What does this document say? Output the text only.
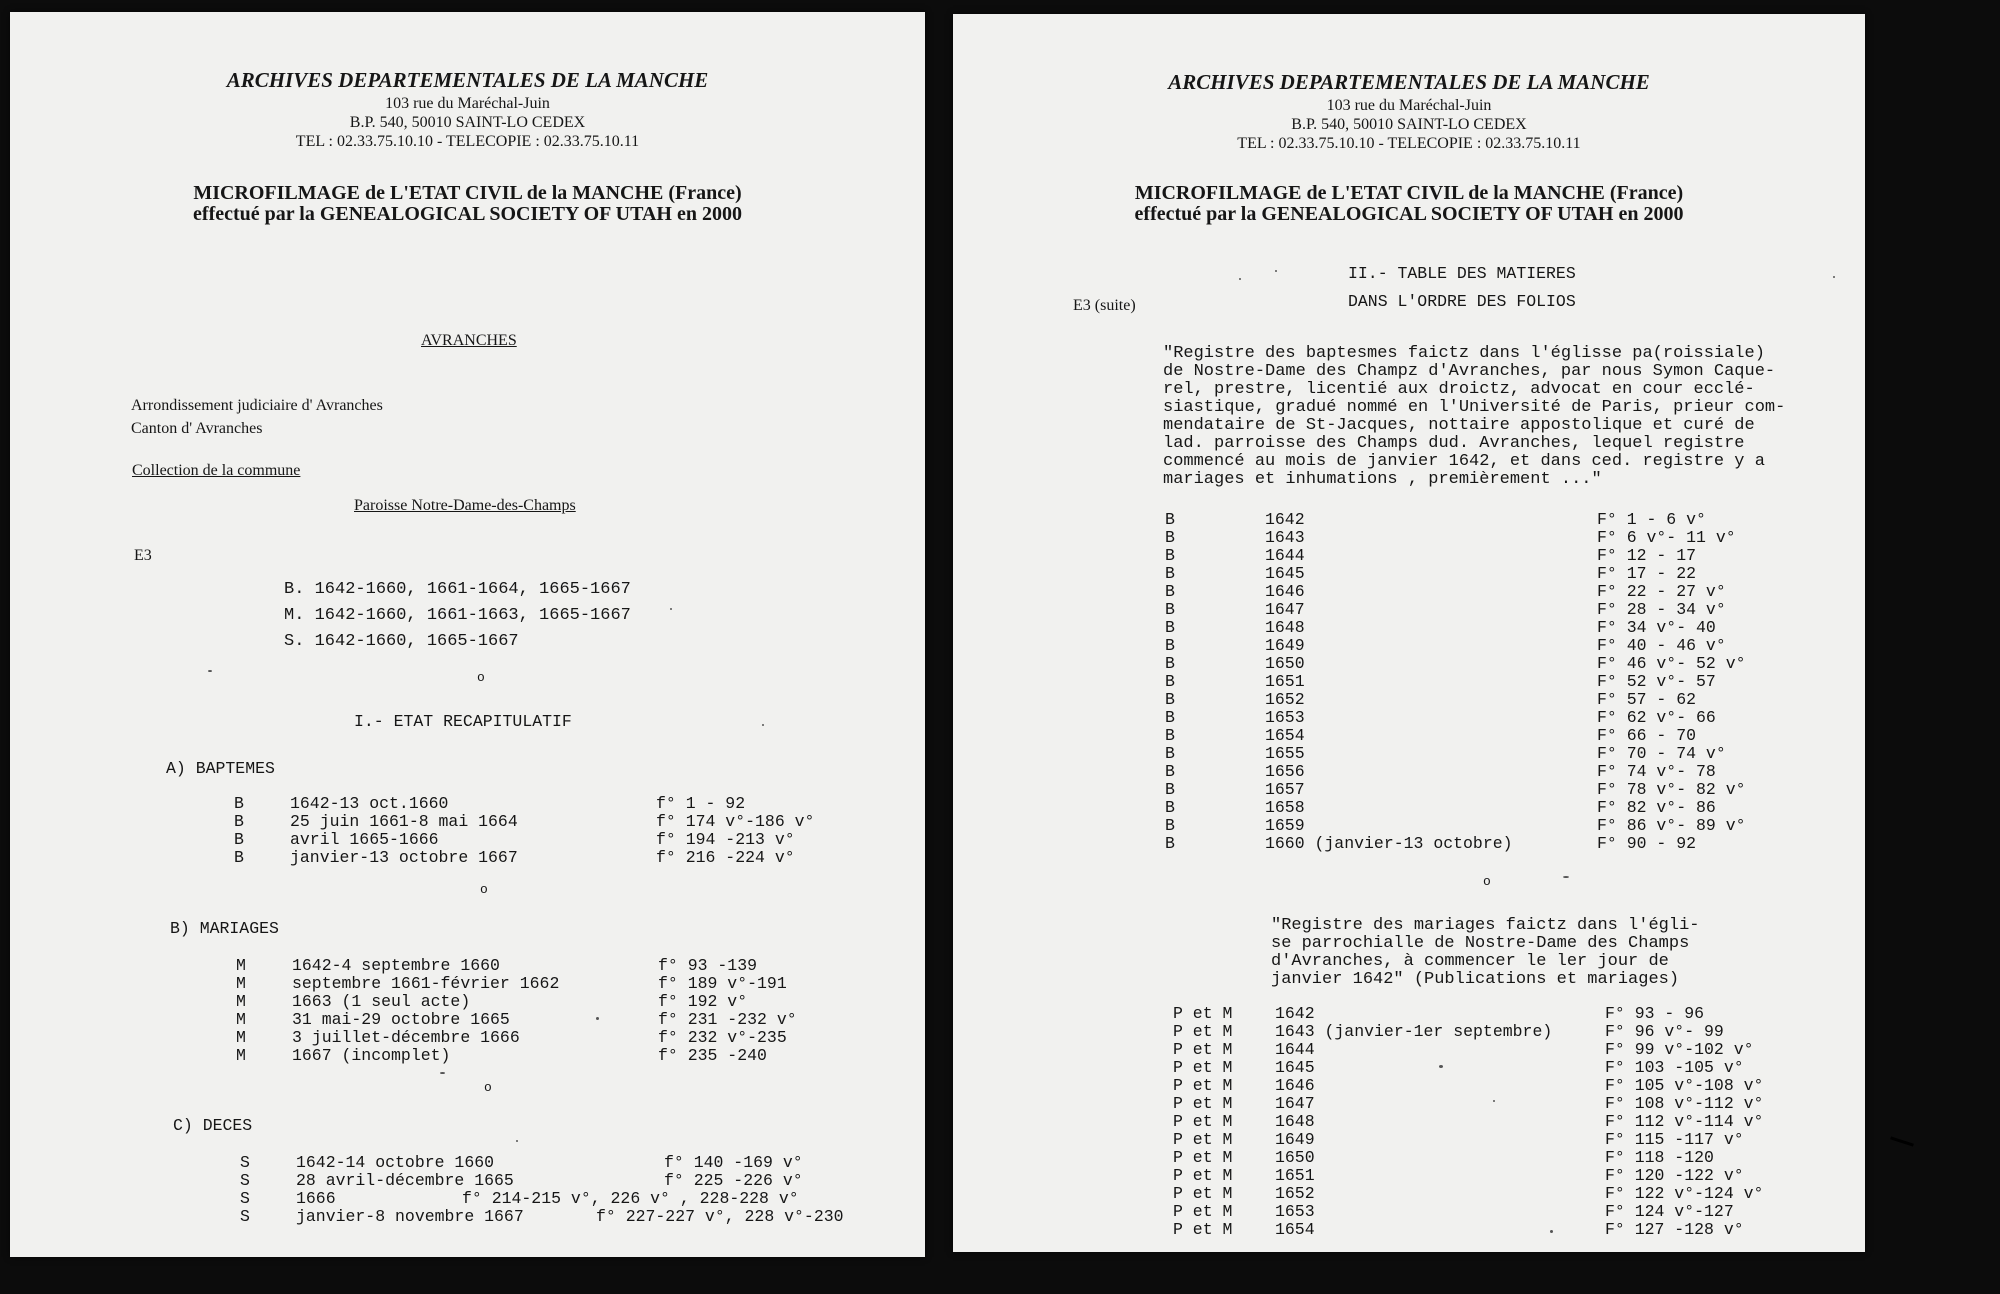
ARCHIVES DEPARTEMENTALES DE LA MANCHE
103 rue du Maréchal-Juin
B.P. 540, 50010 SAINT-LO CEDEX
TEL : 02.33.75.10.10 - TELECOPIE : 02.33.75.10.11
MICROFILMAGE de L'ETAT CIVIL de la MANCHE (France)
effectué par la GENEALOGICAL SOCIETY OF UTAH en 2000
AVRANCHES
Arrondissement judiciaire d' Avranches
Canton d' Avranches
Collection de la commune
Paroisse Notre-Dame-des-Champs
E3
B. 1642-1660, 1661-1664, 1665-1667
M. 1642-1660, 1661-1663, 1665-1667
S. 1642-1660, 1665-1667
o
I.- ETAT RECAPITULATIF
A) BAPTEMES
B	1642-13 oct.1660	f° 1 - 92
B	25 juin 1661-8 mai 1664	f° 174 v°-186 v°
B	avril 1665-1666	f° 194 -213 v°
B	janvier-13 octobre 1667	f° 216 -224 v°
o
B) MARIAGES
M	1642-4 septembre 1660	f° 93 -139
M	septembre 1661-février 1662	f° 189 v°-191
M	1663 (1 seul acte)	f° 192 v°
M	31 mai-29 octobre 1665	f° 231 -232 v°
M	3 juillet-décembre 1666	f° 232 v°-235
M	1667 (incomplet)	f° 235 -240
o
C) DECES
S	1642-14 octobre 1660	f° 140 -169 v°
S	28 avril-décembre 1665	f° 225 -226 v°
S	1666	f° 214-215 v°, 226 v° , 228-228 v°
S	janvier-8 novembre 1667	f° 227-227 v°, 228 v°-230
ARCHIVES DEPARTEMENTALES DE LA MANCHE
103 rue du Maréchal-Juin
B.P. 540, 50010 SAINT-LO CEDEX
TEL : 02.33.75.10.10 - TELECOPIE : 02.33.75.10.11
MICROFILMAGE de L'ETAT CIVIL de la MANCHE (France)
effectué par la GENEALOGICAL SOCIETY OF UTAH en 2000
II.- TABLE DES MATIERES
DANS L'ORDRE DES FOLIOS
E3 (suite)
"Registre des baptesmes faictz dans l'églisse pa(roissiale)
de Nostre-Dame des Champz d'Avranches, par nous Symon Caque-
rel, prestre, licentié aux droictz, advocat en cour ecclé-
siastique, gradué nommé en l'Université de Paris, prieur com-
mendataire de St-Jacques, nottaire appostolique et curé de
lad. parroisse des Champs dud. Avranches, lequel registre
commencé au mois de janvier 1642, et dans ced. registre y a
mariages et inhumations , premièrement ..."
B	1642	F° 1 - 6 v°
B	1643	F° 6 v°- 11 v°
B	1644	F° 12 - 17
B	1645	F° 17 - 22
B	1646	F° 22 - 27 v°
B	1647	F° 28 - 34 v°
B	1648	F° 34 v°- 40
B	1649	F° 40 - 46 v°
B	1650	F° 46 v°- 52 v°
B	1651	F° 52 v°- 57
B	1652	F° 57 - 62
B	1653	F° 62 v°- 66
B	1654	F° 66 - 70
B	1655	F° 70 - 74 v°
B	1656	F° 74 v°- 78
B	1657	F° 78 v°- 82 v°
B	1658	F° 82 v°- 86
B	1659	F° 86 v°- 89 v°
B	1660 (janvier-13 octobre)	F° 90 - 92
o
"Registre des mariages faictz dans l'égli-
se parrochialle de Nostre-Dame des Champs
d'Avranches, à commencer le ler jour de
janvier 1642" (Publications et mariages)
P et M	1642	F° 93 - 96
P et M	1643 (janvier-1er septembre)	F° 96 v°- 99
P et M	1644	F° 99 v°-102 v°
P et M	1645	F° 103 -105 v°
P et M	1646	F° 105 v°-108 v°
P et M	1647	F° 108 v°-112 v°
P et M	1648	F° 112 v°-114 v°
P et M	1649	F° 115 -117 v°
P et M	1650	F° 118 -120
P et M	1651	F° 120 -122 v°
P et M	1652	F° 122 v°-124 v°
P et M	1653	F° 124 v°-127
P et M	1654	F° 127 -128 v°
